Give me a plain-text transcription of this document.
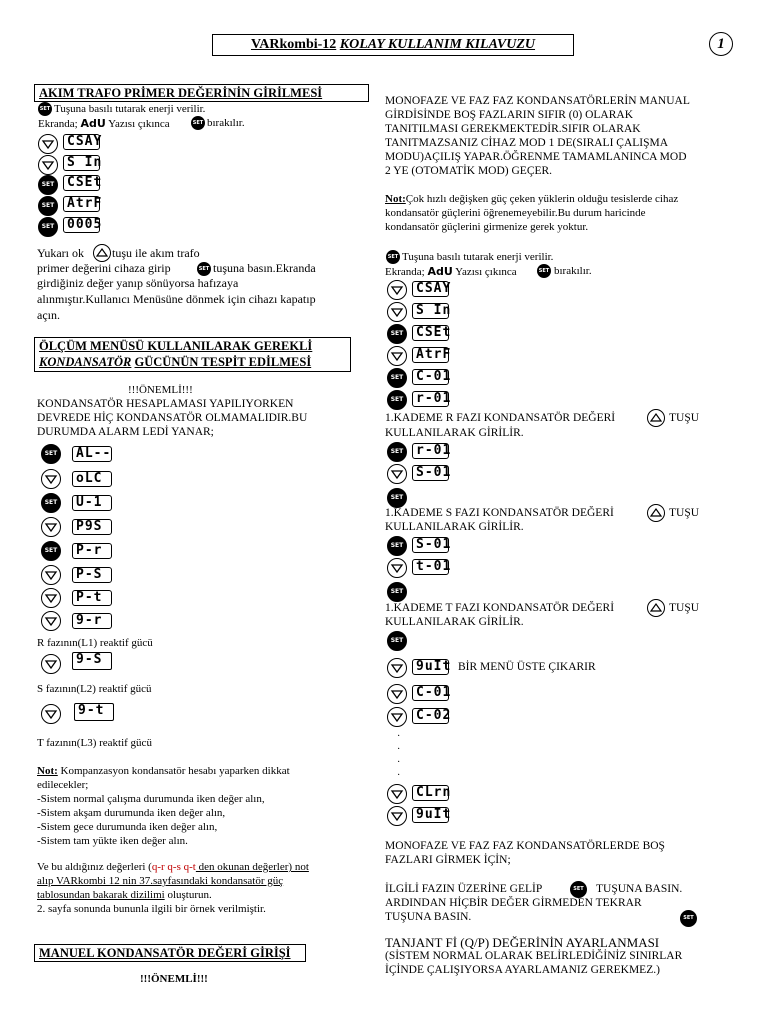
VARkombi-12 KOLAY KULLANIM KILAVUZU	1
AKIM TRAFO PRİMER DEĞERİNİN GİRİLMESİ
SET Tuşuna basılı tutarak enerji verilir.
Ekranda; AdU Yazısı çıkınca	SET bırakılır.
CSAY
S In
SET CSEt
SET AtrF
SET 0005
Yukarı ok tuşu ile akım trafo
primer değerini cihaza girip	SET tuşuna basın.Ekranda
girdiğiniz değer yanıp sönüyorsa hafızaya
alınmıştır.Kullanıcı Menüsüne dönmek için cihazı kapatıp
açın.
ÖLÇÜM MENÜSÜ KULLANILARAK GEREKLİ
KONDANSATÖR GÜCÜNÜN TESPİT EDİLMESİ
!!!ÖNEMLİ!!!
KONDANSATÖR HESAPLAMASI YAPILIYORKEN
DEVREDE HİÇ KONDANSATÖR OLMAMALIDIR.BU
DURUMDA ALARM LEDİ YANAR;
SET	AL--
oLC
SET	U-1
P9S
SET	P-r
P-S
P-t
9-r
R fazının(L1) reaktif gücü
9-S
S fazının(L2) reaktif gücü
9-t
T fazının(L3) reaktif gücü
Not: Kompanzasyon kondansatör hesabı yaparken dikkat
edilecekler;
-Sistem normal çalışma durumunda iken değer alın,
-Sistem akşam durumunda iken değer alın,
-Sistem gece durumunda iken değer alın,
-Sistem tam yükte iken değer alın.
Ve bu aldığınız değerleri (q-r q-s q-t den okunan değerler) not
alıp VARkombi 12 nin 37.sayfasındaki kondansatör güç
tablosundan bakarak dizilimi oluşturun.
2. sayfa sonunda bununla ilgili bir örnek verilmiştir.
MANUEL KONDANSATÖR DEĞERİ GİRİŞİ
!!!ÖNEMLİ!!!
MONOFAZE VE FAZ FAZ KONDANSATÖRLERİN MANUAL
GİRDİSİNDE BOŞ FAZLARIN SIFIR (0) OLARAK
TANITILMASI GEREKMEKTEDİR.SIFIR OLARAK
TANITMAZSANIZ CİHAZ MOD 1 DE(SIRALI ÇALIŞMA
MODU)AÇILIŞ YAPAR.ÖĞRENME TAMAMLANINCA MOD
2 YE (OTOMATİK MOD) GEÇER.
Not:Çok hızlı değişken güç çeken yüklerin olduğu tesislerde cihaz
kondansatör güçlerini öğrenemeyebilir.Bu durum haricinde
kondansatör güçlerini girmenize gerek yoktur.
SET Tuşuna basılı tutarak enerji verilir.
Ekranda; AdU Yazısı çıkınca	SET bırakılır.
CSAY
S In
SET CSEt
AtrF
SET C-01
SET r-01
1.KADEME R FAZI KONDANSATÖR DEĞERİ	TUŞU
KULLANILARAK GİRİLİR.
SET r-01
S-01
SET
1.KADEME S FAZI KONDANSATÖR DEĞERİ	TUŞU
KULLANILARAK GİRİLİR.
SET S-01
t-01
SET
1.KADEME T FAZI KONDANSATÖR DEĞERİ	TUŞU
KULLANILARAK GİRİLİR.
SET
9uIt BİR MENÜ ÜSTE ÇIKARIR
C-01
C-02
·
·
·
·

CLrn
9uIt
MONOFAZE VE FAZ FAZ KONDANSATÖRLERDE BOŞ
FAZLARI GİRMEK İÇİN;
İLGİLİ FAZIN ÜZERİNE GELİP	SET TUŞUNA BASIN.
ARDINDAN HİÇBİR DEĞER GİRMEDEN TEKRAR
TUŞUNA BASIN.	SET
TANJANT Fİ (Q/P) DEĞERİNİN AYARLANMASI
(SİSTEM NORMAL OLARAK BELİRLEDİĞİNİZ SINIRLAR
İÇİNDE ÇALIŞIYORSA AYARLAMANIZ GEREKMEZ.)
